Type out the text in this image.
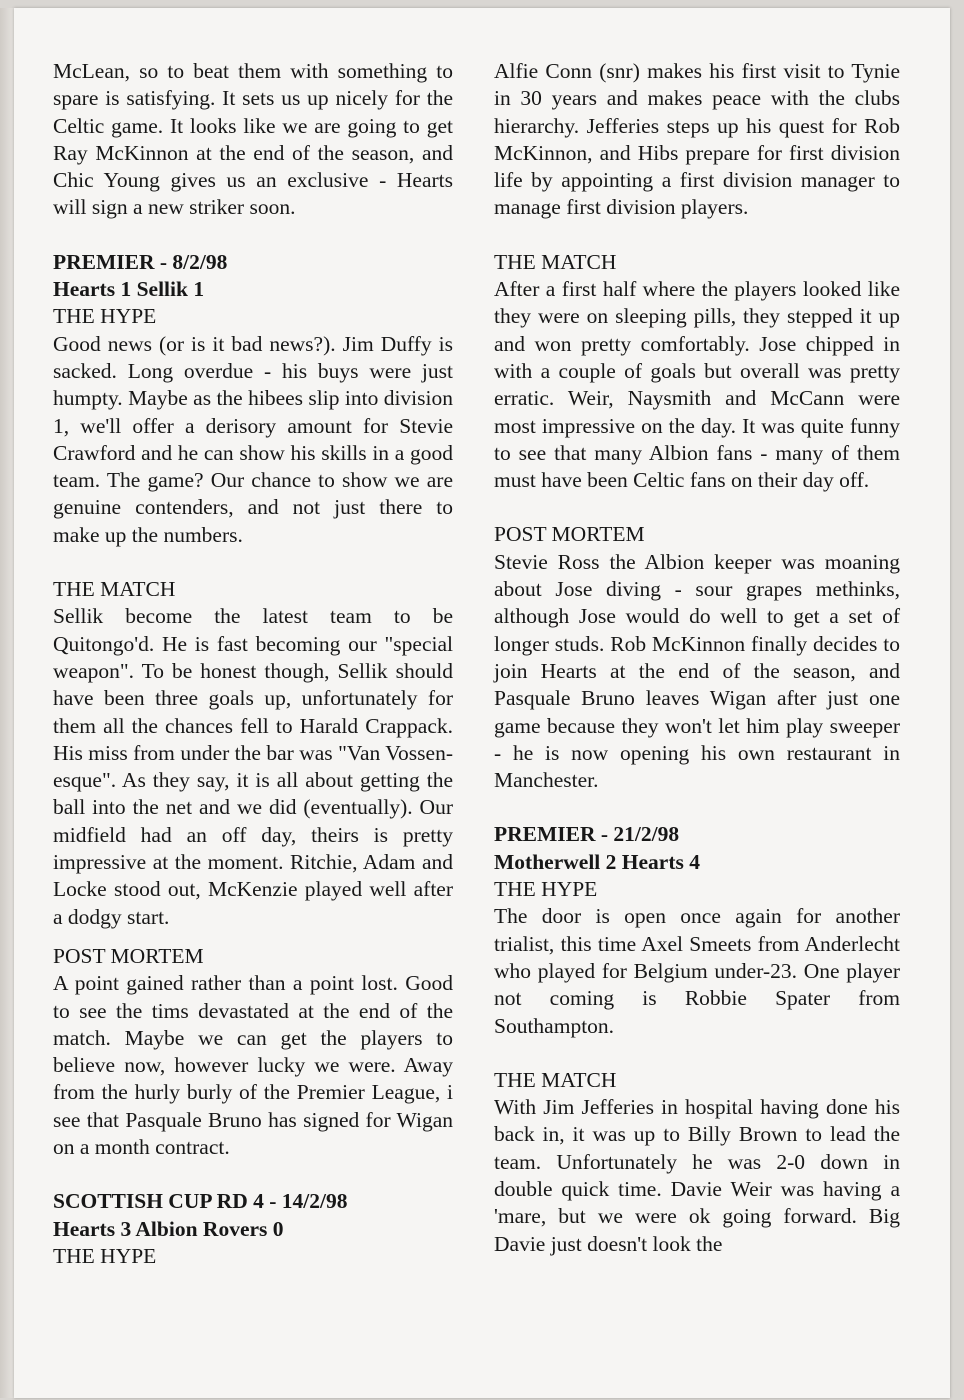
McLean, so to beat them with something to spare is satisfying. It sets us up nicely for the Celtic game. It looks like we are going to get Ray McKinnon at the end of the season, and Chic Young gives us an exclusive - Hearts will sign a new striker soon.

PREMIER - 8/2/98

Hearts 1 Sellik 1

THE HYPE

Good news (or is it bad news?). Jim Duffy is sacked. Long overdue - his buys were just humpty. Maybe as the hibees slip into division 1, we'll offer a derisory amount for Stevie Crawford and he can show his skills in a good team. The game? Our chance to show we are genuine contenders, and not just there to make up the numbers.

THE MATCH

Sellik become the latest team to be Quitongo'd. He is fast becoming our "special weapon". To be honest though, Sellik should have been three goals up, unfortunately for them all the chances fell to Harald Crappack. His miss from under the bar was "Van Vossen-esque". As they say, it is all about getting the ball into the net and we did (eventually). Our midfield had an off day, theirs is pretty impressive at the moment. Ritchie, Adam and Locke stood out, McKenzie played well after a dodgy start.

POST MORTEM

A point gained rather than a point lost. Good to see the tims devastated at the end of the match. Maybe we can get the players to believe now, however lucky we were. Away from the hurly burly of the Premier League, i see that Pasquale Bruno has signed for Wigan on a month contract.

SCOTTISH CUP RD 4 - 14/2/98

Hearts 3 Albion Rovers 0

THE HYPE

Alfie Conn (snr) makes his first visit to Tynie in 30 years and makes peace with the clubs hierarchy. Jefferies steps up his quest for Rob McKinnon, and Hibs prepare for first division life by appointing a first division manager to manage first division players.

THE MATCH

After a first half where the players looked like they were on sleeping pills, they stepped it up and won pretty comfortably. Jose chipped in with a couple of goals but overall was pretty erratic. Weir, Naysmith and McCann were most impressive on the day. It was quite funny to see that many Albion fans - many of them must have been Celtic fans on their day off.

POST MORTEM

Stevie Ross the Albion keeper was moaning about Jose diving - sour grapes methinks, although Jose would do well to get a set of longer studs. Rob McKinnon finally decides to join Hearts at the end of the season, and Pasquale Bruno leaves Wigan after just one game because they won't let him play sweeper - he is now opening his own restaurant in Manchester.

PREMIER - 21/2/98

Motherwell 2 Hearts 4

THE HYPE

The door is open once again for another trialist, this time Axel Smeets from Anderlecht who played for Belgium under-23. One player not coming is Robbie Spater from Southampton.

THE MATCH

With Jim Jefferies in hospital having done his back in, it was up to Billy Brown to lead the team. Unfortunately he was 2-0 down in double quick time. Davie Weir was having a 'mare, but we were ok going forward. Big Davie just doesn't look the
